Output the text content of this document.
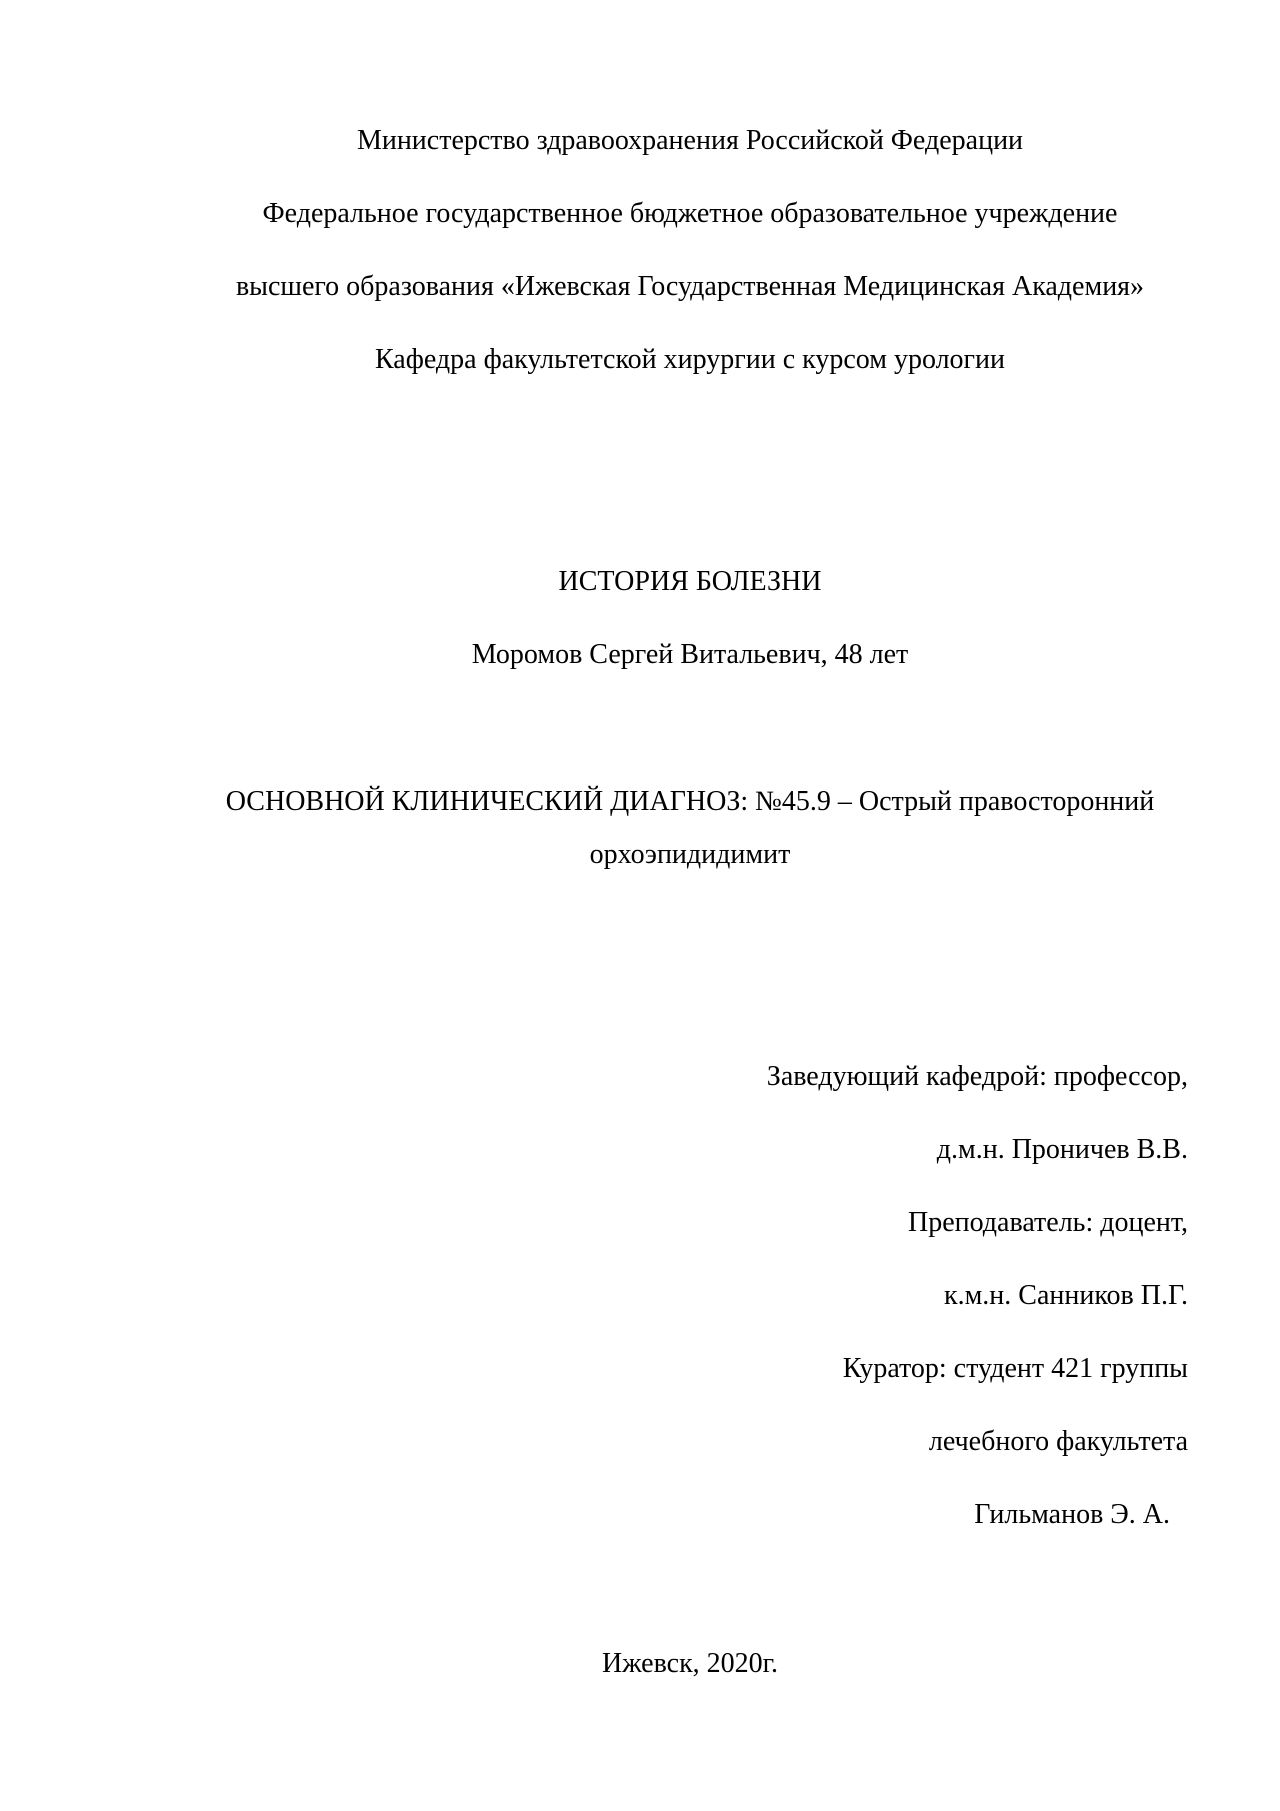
Министерство здравоохранения Российской Федерации

Федеральное государственное бюджетное образовательное учреждение

высшего образования «Ижевская Государственная Медицинская Академия»

Кафедра факультетской хирургии с курсом урологии

ИСТОРИЯ БОЛЕЗНИ

Моромов Сергей Витальевич, 48 лет

ОСНОВНОЙ КЛИНИЧЕСКИЙ ДИАГНОЗ: №45.9 – Острый правосторонний

орхоэпидидимит

Заведующий кафедрой: профессор,

д.м.н. Проничев В.В.

Преподаватель: доцент,

к.м.н. Санников П.Г.

Куратор: студент 421 группы

лечебного факультета

Гильманов Э. А.

Ижевск, 2020г.
